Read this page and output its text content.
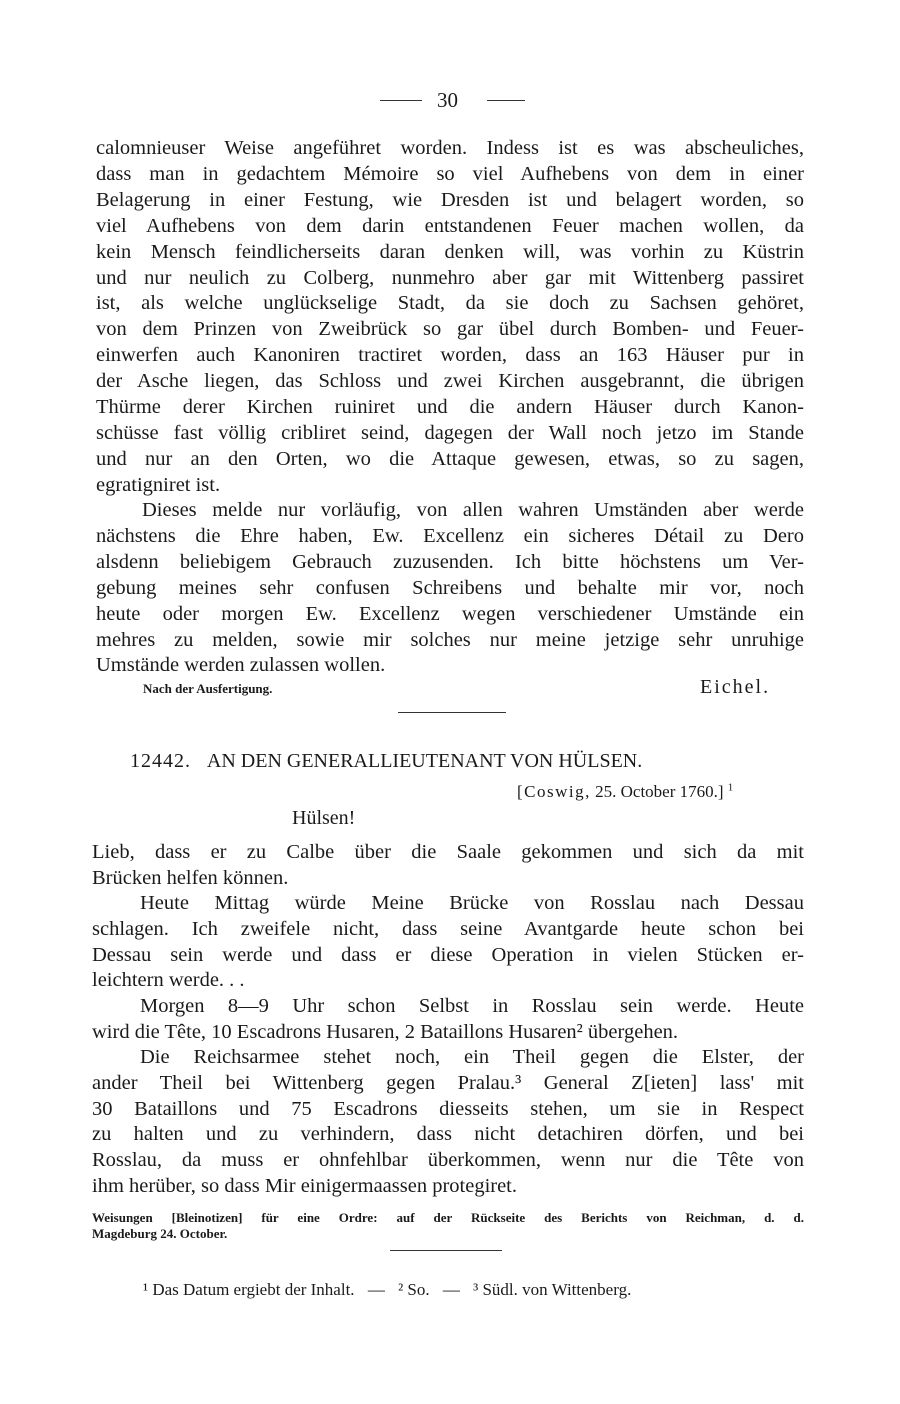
30
calomnieuser Weise angeführet worden. Indess ist es was abscheuliches,
dass man in gedachtem Mémoire so viel Aufhebens von dem in einer
Belagerung in einer Festung, wie Dresden ist und belagert worden, so
viel Aufhebens von dem darin entstandenen Feuer machen wollen, da
kein Mensch feindlicherseits daran denken will, was vorhin zu Küstrin
und nur neulich zu Colberg, nunmehro aber gar mit Wittenberg passiret
ist, als welche unglückselige Stadt, da sie doch zu Sachsen gehöret,
von dem Prinzen von Zweibrück so gar übel durch Bomben- und Feuer-
einwerfen auch Kanoniren tractiret worden, dass an 163 Häuser pur in
der Asche liegen, das Schloss und zwei Kirchen ausgebrannt, die übrigen
Thürme derer Kirchen ruiniret und die andern Häuser durch Kanon-
schüsse fast völlig cribliret seind, dagegen der Wall noch jetzo im Stande
und nur an den Orten, wo die Attaque gewesen, etwas, so zu sagen,
egratigniret ist.
Dieses melde nur vorläufig, von allen wahren Umständen aber werde
nächstens die Ehre haben, Ew. Excellenz ein sicheres Détail zu Dero
alsdenn beliebigem Gebrauch zuzusenden. Ich bitte höchstens um Ver-
gebung meines sehr confusen Schreibens und behalte mir vor, noch
heute oder morgen Ew. Excellenz wegen verschiedener Umstände ein
mehres zu melden, sowie mir solches nur meine jetzige sehr unruhige
Umstände werden zulassen wollen.
Nach der Ausfertigung.	Eichel.
12442. AN DEN GENERALLIEUTENANT VON HÜLSEN.
[Coswig, 25. October 1760.] $^1$
Hülsen!
Lieb, dass er zu Calbe über die Saale gekommen und sich da mit
Brücken helfen können.
Heute Mittag würde Meine Brücke von Rosslau nach Dessau
schlagen. Ich zweifele nicht, dass seine Avantgarde heute schon bei
Dessau sein werde und dass er diese Operation in vielen Stücken er-
leichtern werde. . .
Morgen 8—9 Uhr schon Selbst in Rosslau sein werde. Heute
wird die Tête, 10 Escadrons Husaren, 2 Bataillons Husaren² übergehen.
Die Reichsarmee stehet noch, ein Theil gegen die Elster, der
ander Theil bei Wittenberg gegen Pralau.³ General Z[ieten] lass' mit
30 Bataillons und 75 Escadrons diesseits stehen, um sie in Respect
zu halten und zu verhindern, dass nicht detachiren dörfen, und bei
Rosslau, da muss er ohnfehlbar überkommen, wenn nur die Tête von
ihm herüber, so dass Mir einigermaassen protegiret.
Weisungen [Bleinotizen] für eine Ordre: auf der Rückseite des Berichts von Reichman, d. d.
Magdeburg 24. October.
¹ Das Datum ergiebt der Inhalt. — ² So. — ³ Südl. von Wittenberg.
